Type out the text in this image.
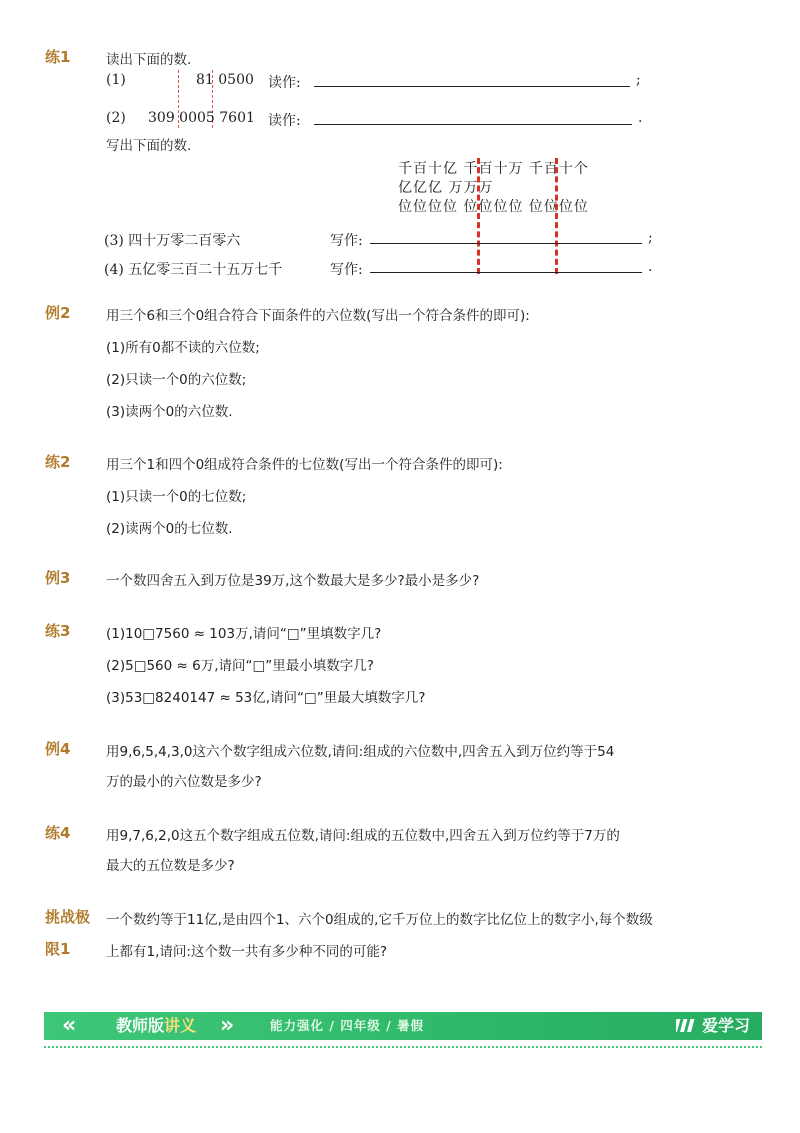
练1	读出下面的数.
(1)	81 0500 读作:	;
(2) 309 0005 7601 读作:	.
写出下面的数.
千百十亿 千百十万 千百十个
亿亿亿 万万万
位位位位 位位位位 位位位位
(3) 四十万零二百零六	写作:	;
(4) 五亿零三百二十五万七千	写作:	.
例2	用三个6和三个0组合符合下面条件的六位数(写出一个符合条件的即可):
(1)所有0都不读的六位数;
(2)只读一个0的六位数;
(3)读两个0的六位数.
练2	用三个1和四个0组成符合条件的七位数(写出一个符合条件的即可):
(1)只读一个0的七位数;
(2)读两个0的七位数.
例3	一个数四舍五入到万位是39万,这个数最大是多少?最小是多少?
练3	(1)10□7560 ≈ 103万,请问“□”里填数字几?
(2)5□560 ≈ 6万,请问“□”里最小填数字几?
(3)53□8240147 ≈ 53亿,请问“□”里最大填数字几?
例4	用9,6,5,4,3,0这六个数字组成六位数,请问:组成的六位数中,四舍五入到万位约等于54
万的最小的六位数是多少?
练4	用9,7,6,2,0这五个数字组成五位数,请问:组成的五位数中,四舍五入到万位约等于7万的
最大的五位数是多少?
挑战极
限1
一个数约等于11亿,是由四个1、六个0组成的,它千万位上的数字比亿位上的数字小,每个数级
上都有1,请问:这个数一共有多少种不同的可能?
« 教师版讲义 »	能力强化 / 四年级 / 暑假	爱学习
